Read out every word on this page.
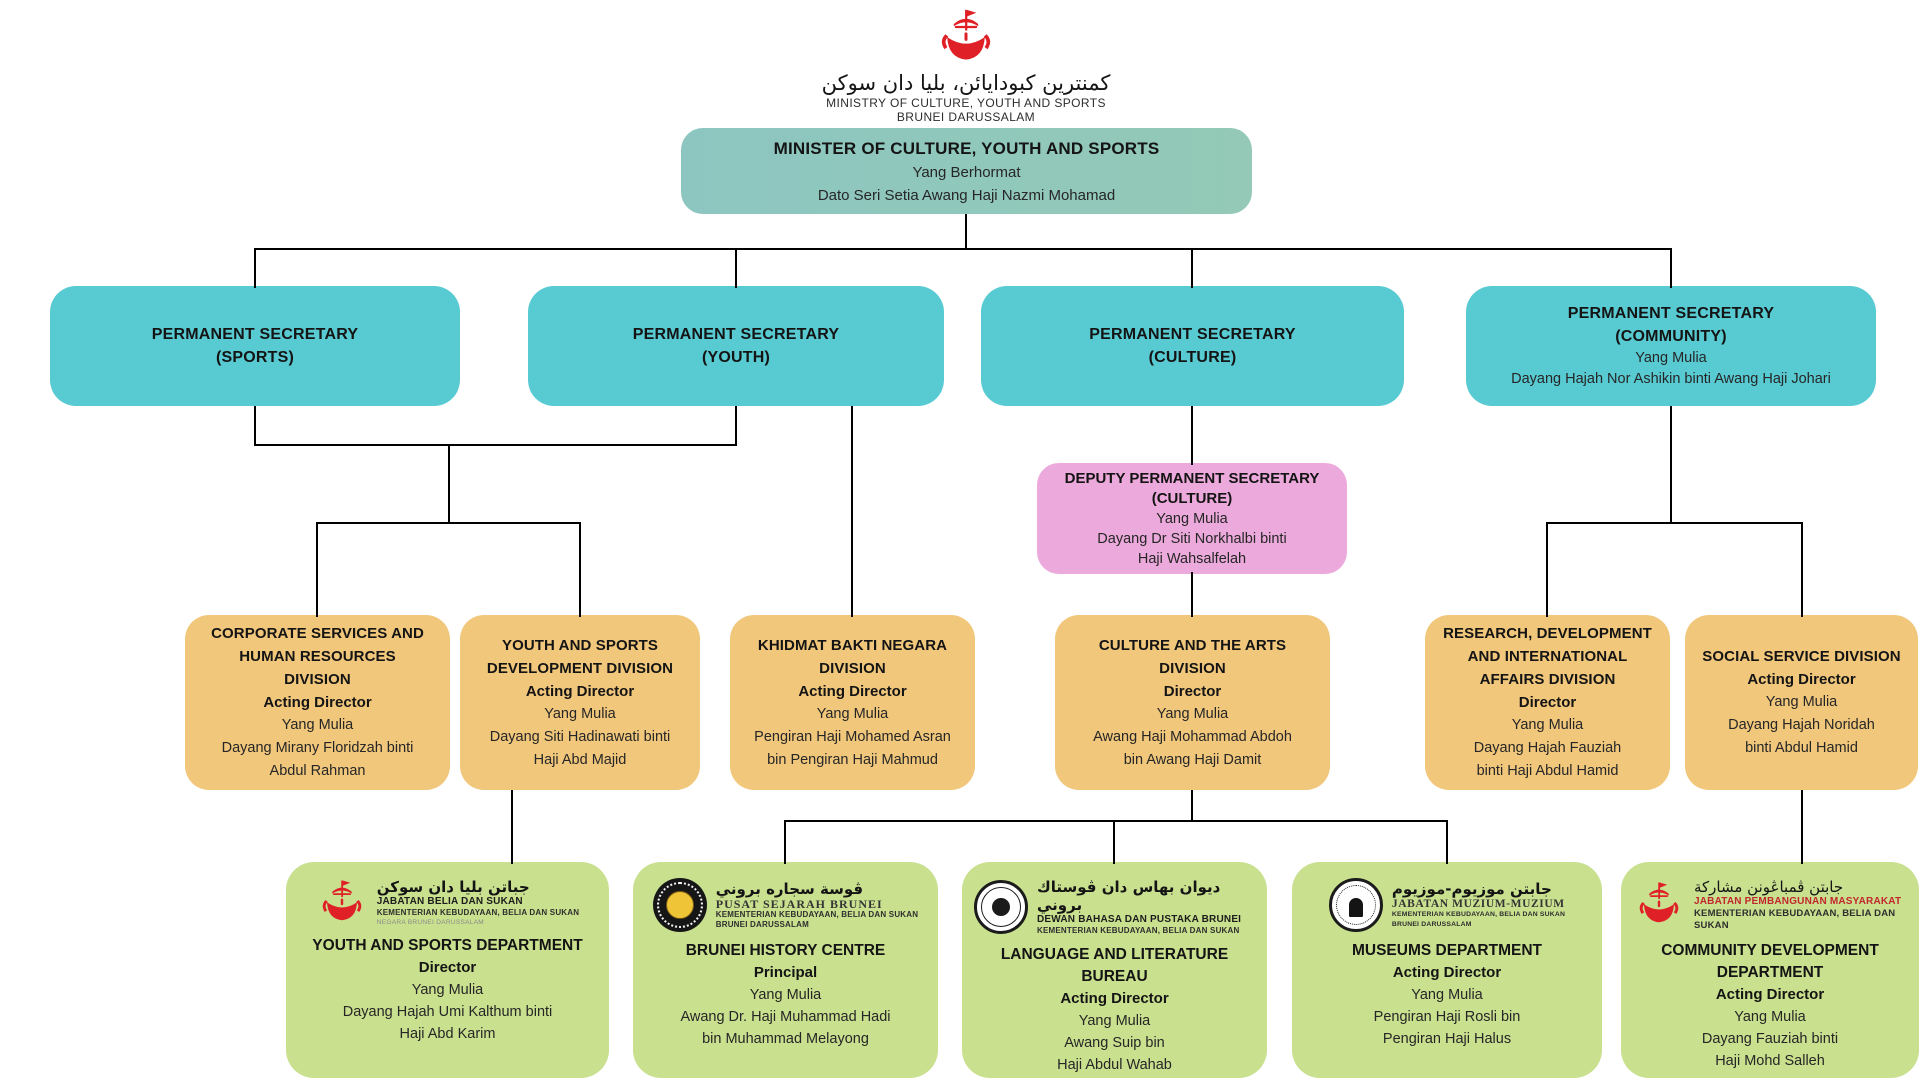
كمنترين كبودايائن، بليا دان سوكن
MINISTRY OF CULTURE, YOUTH AND SPORTS
BRUNEI DARUSSALAM
MINISTER OF CULTURE, YOUTH AND SPORTS
Yang Berhormat
Dato Seri Setia Awang Haji Nazmi Mohamad
PERMANENT SECRETARY
(SPORTS)
PERMANENT SECRETARY
(YOUTH)
PERMANENT SECRETARY
(CULTURE)
PERMANENT SECRETARY
(COMMUNITY)
Yang Mulia
Dayang Hajah Nor Ashikin binti Awang Haji Johari
DEPUTY PERMANENT SECRETARY
(CULTURE)
Yang Mulia
Dayang Dr Siti Norkhalbi binti
Haji Wahsalfelah
CORPORATE SERVICES AND
HUMAN RESOURCES
DIVISION
Acting Director
Yang Mulia
Dayang Mirany Floridzah binti
Abdul Rahman
YOUTH AND SPORTS
DEVELOPMENT DIVISION
Acting Director
Yang Mulia
Dayang Siti Hadinawati binti
Haji Abd Majid
KHIDMAT BAKTI NEGARA
DIVISION
Acting Director
Yang Mulia
Pengiran Haji Mohamed Asran
bin Pengiran Haji Mahmud
CULTURE AND THE ARTS
DIVISION
Director
Yang Mulia
Awang Haji Mohammad Abdoh
bin Awang Haji Damit
RESEARCH, DEVELOPMENT
AND INTERNATIONAL
AFFAIRS DIVISION
Director
Yang Mulia
Dayang Hajah Fauziah
binti Haji Abdul Hamid
SOCIAL SERVICE DIVISION
Acting Director
Yang Mulia
Dayang Hajah Noridah
binti Abdul Hamid
جباتن بليا دان سوكن
JABATAN BELIA DAN SUKAN
KEMENTERIAN KEBUDAYAAN, BELIA DAN SUKAN
NEGARA BRUNEI DARUSSALAM
YOUTH AND SPORTS DEPARTMENT
Director
Yang Mulia
Dayang Hajah Umi Kalthum binti
Haji Abd Karim
ڤوسة سجاره بروني
PUSAT SEJARAH BRUNEI
KEMENTERIAN KEBUDAYAAN, BELIA DAN SUKAN
BRUNEI DARUSSALAM
BRUNEI HISTORY CENTRE
Principal
Yang Mulia
Awang Dr. Haji Muhammad Hadi
bin Muhammad Melayong
ديوان بهاس دان ڤوستاك بروني
DEWAN BAHASA DAN PUSTAKA BRUNEI
KEMENTERIAN KEBUDAYAAN, BELIA DAN SUKAN
LANGUAGE AND LITERATURE
BUREAU
Acting Director
Yang Mulia
Awang Suip bin
Haji Abdul Wahab
جابتن موزيوم-موزيوم
JABATAN MUZIUM-MUZIUM
KEMENTERIAN KEBUDAYAAN, BELIA DAN SUKAN
BRUNEI DARUSSALAM
MUSEUMS DEPARTMENT
Acting Director
Yang Mulia
Pengiran Haji Rosli bin
Pengiran Haji Halus
جابتن ڤمباڠونن مشاركة
JABATAN PEMBANGUNAN MASYARAKAT
KEMENTERIAN KEBUDAYAAN, BELIA DAN SUKAN
COMMUNITY DEVELOPMENT
DEPARTMENT
Acting Director
Yang Mulia
Dayang Fauziah binti
Haji Mohd Salleh
